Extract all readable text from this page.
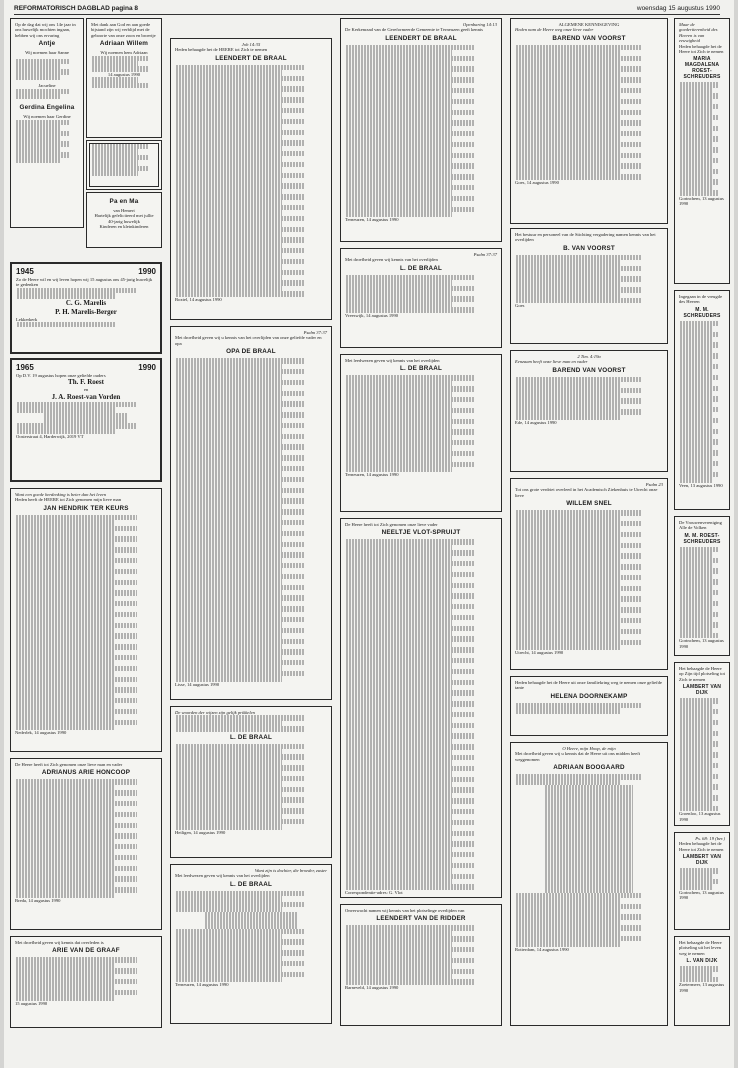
REFORMATORISCH DAGBLAD pagina 8	woensdag 15 augustus 1990
Op de dag dat wij ons 14e jaar in ons huwelijk mochten ingaan, hebben wij ons ervaring
Antje
Wij noemen haar Sanne
Jacueline
Gerdina Engelina
Wij noemen haar Gerdine
Met dank aan God en aan goede bijstand zijn wij verblijd met de geboorte van onze zoon en broertje
Adriaan Willem
Wij noemen hem Adriaan
14 augustus 1990
Pa en Ma
van Hemert
Hartelijk gefeliciteerd met jullie 40-jarig huwelijk
Kinderen en kleinkinderen
1945	1990
Zo de Heere wil en wij leven hopen wij 15 augustus ons 45-jarig huwelijk te gedenken
C. G. Marelis
P. H. Marelis-Berger
Lekkerkerk
1965	1990
Op D.V. 19 augustus hopen onze geliefde ouders
Th. F. Roest
en
J. A. Roest-van Vorden
Oosterstraat 4, Harderwijk, 2019 VT
Want een goede herdenking is beter dan het leven
Heden heeft de HEERE tot Zich genomen mijn lieve man
JAN HENDRIK TER KEURS
Nederlek, 14 augustus 1990
De Heere heeft tot Zich genomen onze lieve man en vader
ADRIANUS ARIE HONCOOP
Breda, 14 augustus 1990
Met droefheid geven wij kennis dat overleden is
ARIE VAN DE GRAAF
15 augustus 1990
Job 14:35
Heden behaagde het de HEERE tot Zich te nemen
LEENDERT DE BRAAL
Boxtel, 14 augustus 1990
Psalm 37:37
Met droefheid geven wij u kennis van het overlijden van onze geliefde vader en opa
OPA DE BRAAL
Lisse, 14 augustus 1990
De woorden der wijzen zijn gelijk prikkelen
L. DE BRAAL
Heiligen, 14 augustus 1990
Want zijn is dochter, die broeder, zuster
Met leedwezen geven wij kennis van het overlijden
L. DE BRAAL
Terneuzen, 14 augustus 1990
Openbaring 14:13
De Kerkenraad van de Gereformeerde Gemeente te Terneuzen geeft kennis
LEENDERT DE BRAAL
Terneuzen, 14 augustus 1990
Psalm 37:37
Met droefheid geven wij kennis van het overlijden
L. DE BRAAL
Vreeswijk, 14 augustus 1990
Met leedwezen geven wij kennis van het overlijden
L. DE BRAAL
Terneuzen, 14 augustus 1990
De Heere heeft tot Zich genomen onze lieve vader
NEELTJE VLOT-SPRUIJT
Correspondentie-adres: G. Vlot
Onverwacht namen wij kennis van het plotselinge overlijden van
LEENDERT VAN DE RIDDER
Barneveld, 14 augustus 1990
ALGEMENE KENNISGEVING
Heden nam de Heere weg onze lieve vader
BAREND VAN VOORST
Goes, 14 augustus 1990
Het bestuur en personeel van de Stichting vergadering namen kennis van het overlijden
B. VAN VOORST
Goes
2 Tim. 4:19a
Eenzaam heeft onze lieve man en vader
BAREND VAN VOORST
Ede, 14 augustus 1990
Psalm 23
Tot ons grote verdriet overleed in het Academisch Ziekenhuis te Utrecht onze lieve
WILLEM SNEL
Utrecht, 14 augustus 1990
Heden behaagde het de Heere uit onze familiekring weg te nemen onze geliefde tante
HELENA DOORNEKAMP
O Heere, mijn Hoop, de mijn
Met droefheid geven wij u kennis dat de Heere uit ons midden heeft weggenomen
ADRIAAN BOOGAARD
Rotterdam, 14 augustus 1990
Maar de goedertierenheid des Heeren is van eeuwigheid
Heden behaagde het de Heere tot Zich te nemen
MARIA MAGDALENA ROEST-SCHREUDERS
Gorinchem, 13 augustus 1990
Ingegaan in de vreugde des Heeren
M. M. SCHREUDERS
Veen, 13 augustus 1990
De Vrouwenvereniging Alle de Volken
M. M. ROEST-SCHREUDERS
Gorinchem, 13 augustus 1990
Het behaagde de Heere op Zijn tijd plotseling tot Zich te nemen
LAMBERT VAN DIJK
Groenloo, 13 augustus 1990
Ps. 68: 19 (ber.)
Heden behaagde het de Heere tot Zich te nemen
LAMBERT VAN DIJK
Gorinchem, 13 augustus 1990
Het behaagde de Heere plotseling uit het leven weg te nemen
L. VAN DIJK
Zoetermeer, 13 augustus 1990
